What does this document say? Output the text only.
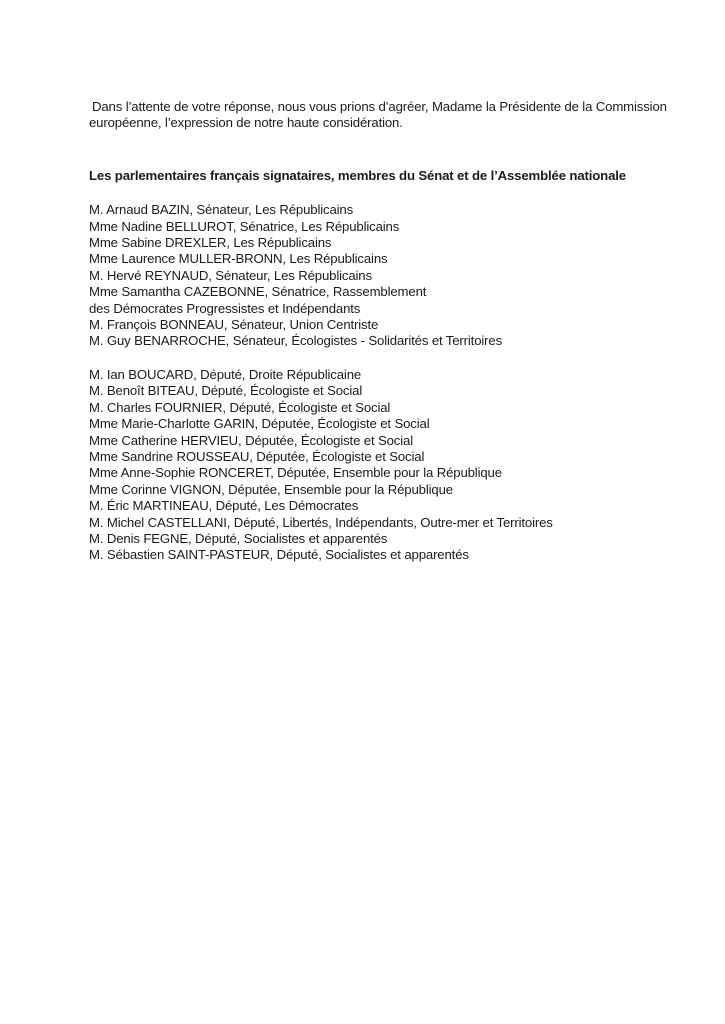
Dans l’attente de votre réponse, nous vous prions d’agréer, Madame la Présidente de la Commission
européenne, l’expression de notre haute considération.
Les parlementaires français signataires, membres du Sénat et de l’Assemblée nationale
M. Arnaud BAZIN, Sénateur, Les Républicains
Mme Nadine BELLUROT, Sénatrice, Les Républicains
Mme Sabine DREXLER, Les Républicains
Mme Laurence MULLER-BRONN, Les Républicains
M. Hervé REYNAUD, Sénateur, Les Républicains
Mme Samantha CAZEBONNE, Sénatrice, Rassemblement
des Démocrates Progressistes et Indépendants
M. François BONNEAU, Sénateur, Union Centriste
M. Guy BENARROCHE, Sénateur, Écologistes - Solidarités et Territoires
M. Ian BOUCARD, Député, Droite Républicaine
M. Benoît BITEAU, Député, Écologiste et Social
M. Charles FOURNIER, Député, Écologiste et Social
Mme Marie-Charlotte GARIN, Députée, Écologiste et Social
Mme Catherine HERVIEU, Députée, Écologiste et Social
Mme Sandrine ROUSSEAU, Députée, Écologiste et Social
Mme Anne-Sophie RONCERET, Députée, Ensemble pour la République
Mme Corinne VIGNON, Députée, Ensemble pour la République
M. Éric MARTINEAU, Député, Les Démocrates
M. Michel CASTELLANI, Député, Libertés, Indépendants, Outre-mer et Territoires
M. Denis FEGNE, Député, Socialistes et apparentés
M. Sébastien SAINT-PASTEUR, Député, Socialistes et apparentés
